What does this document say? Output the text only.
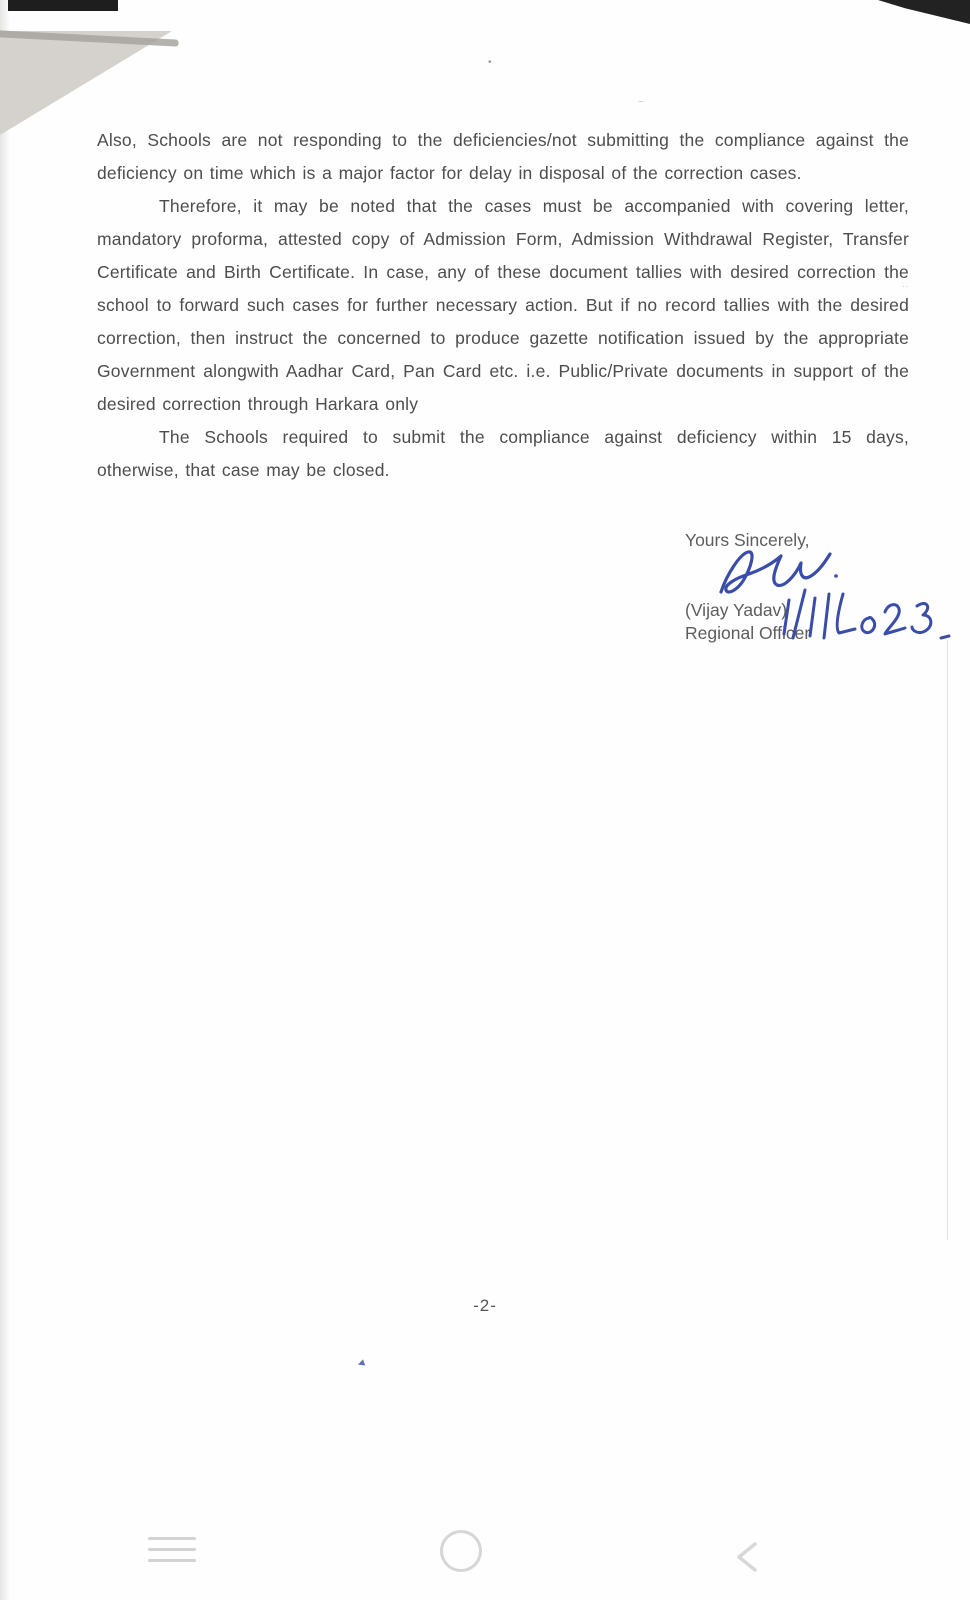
•
~
··

Also, Schools are not responding to the deficiencies/not submitting the compliance against the deficiency on time which is a major factor for delay in disposal of the correction cases.

Therefore, it may be noted that the cases must be accompanied with covering letter, mandatory proforma, attested copy of Admission Form, Admission Withdrawal Register, Transfer Certificate and Birth Certificate. In case, any of these document tallies with desired correction the school to forward such cases for further necessary action. But if no record tallies with the desired correction, then instruct the concerned to produce gazette notification issued by the appropriate Government alongwith Aadhar Card, Pan Card etc. i.e. Public/Private documents in support of the desired correction through Harkara only

The Schools required to submit the compliance against deficiency within 15 days, otherwise, that case may be closed.

Yours Sincerely,
(Vijay Yadav)
Regional Officer
-2-
◄
